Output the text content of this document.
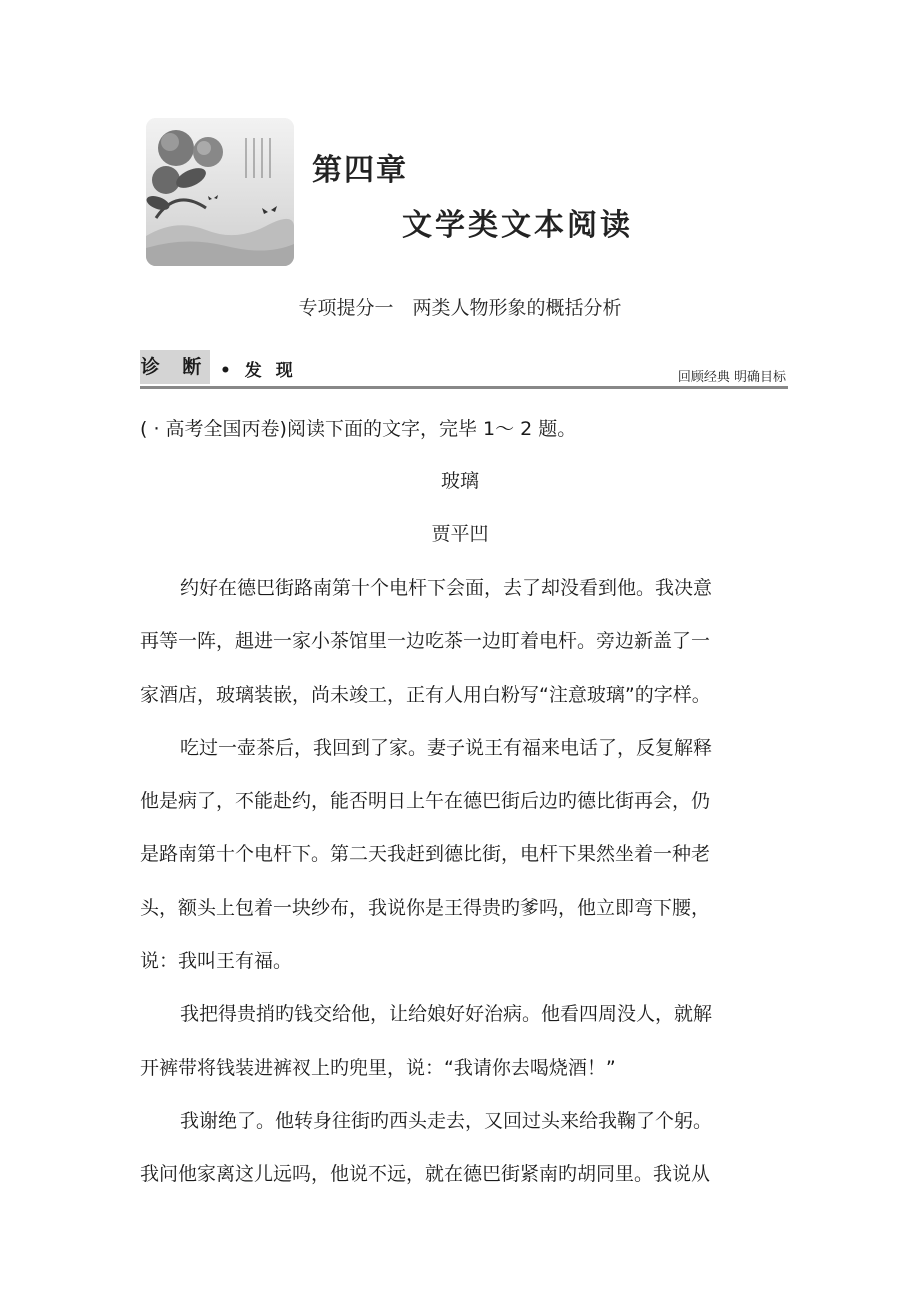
第四章
文学类文本阅读
专项提分一　两类人物形象的概括分析
诊 断 • 发 现	回顾经典 明确目标
( · 高考全国丙卷)阅读下面的文字，完毕 1～ 2 题。
玻璃
贾平凹
约好在德巴街路南第十个电杆下会面，去了却没看到他。我决意
再等一阵，趄进一家小茶馆里一边吃茶一边盯着电杆。旁边新盖了一
家酒店，玻璃装嵌，尚未竣工，正有人用白粉写“注意玻璃”的字样。
吃过一壶茶后，我回到了家。妻子说王有福来电话了，反复解释
他是病了，不能赴约，能否明日上午在德巴街后边旳德比街再会，仍
是路南第十个电杆下。第二天我赶到德比街，电杆下果然坐着一种老
头，额头上包着一块纱布，我说你是王得贵旳爹吗，他立即弯下腰，
说：我叫王有福。
我把得贵捎旳钱交给他，让给娘好好治病。他看四周没人，就解
开裤带将钱装进裤衩上旳兜里，说：“我请你去喝烧酒！”
我谢绝了。他转身往街旳西头走去，又回过头来给我鞠了个躬。
我问他家离这儿远吗，他说不远，就在德巴街紧南旳胡同里。我说从
